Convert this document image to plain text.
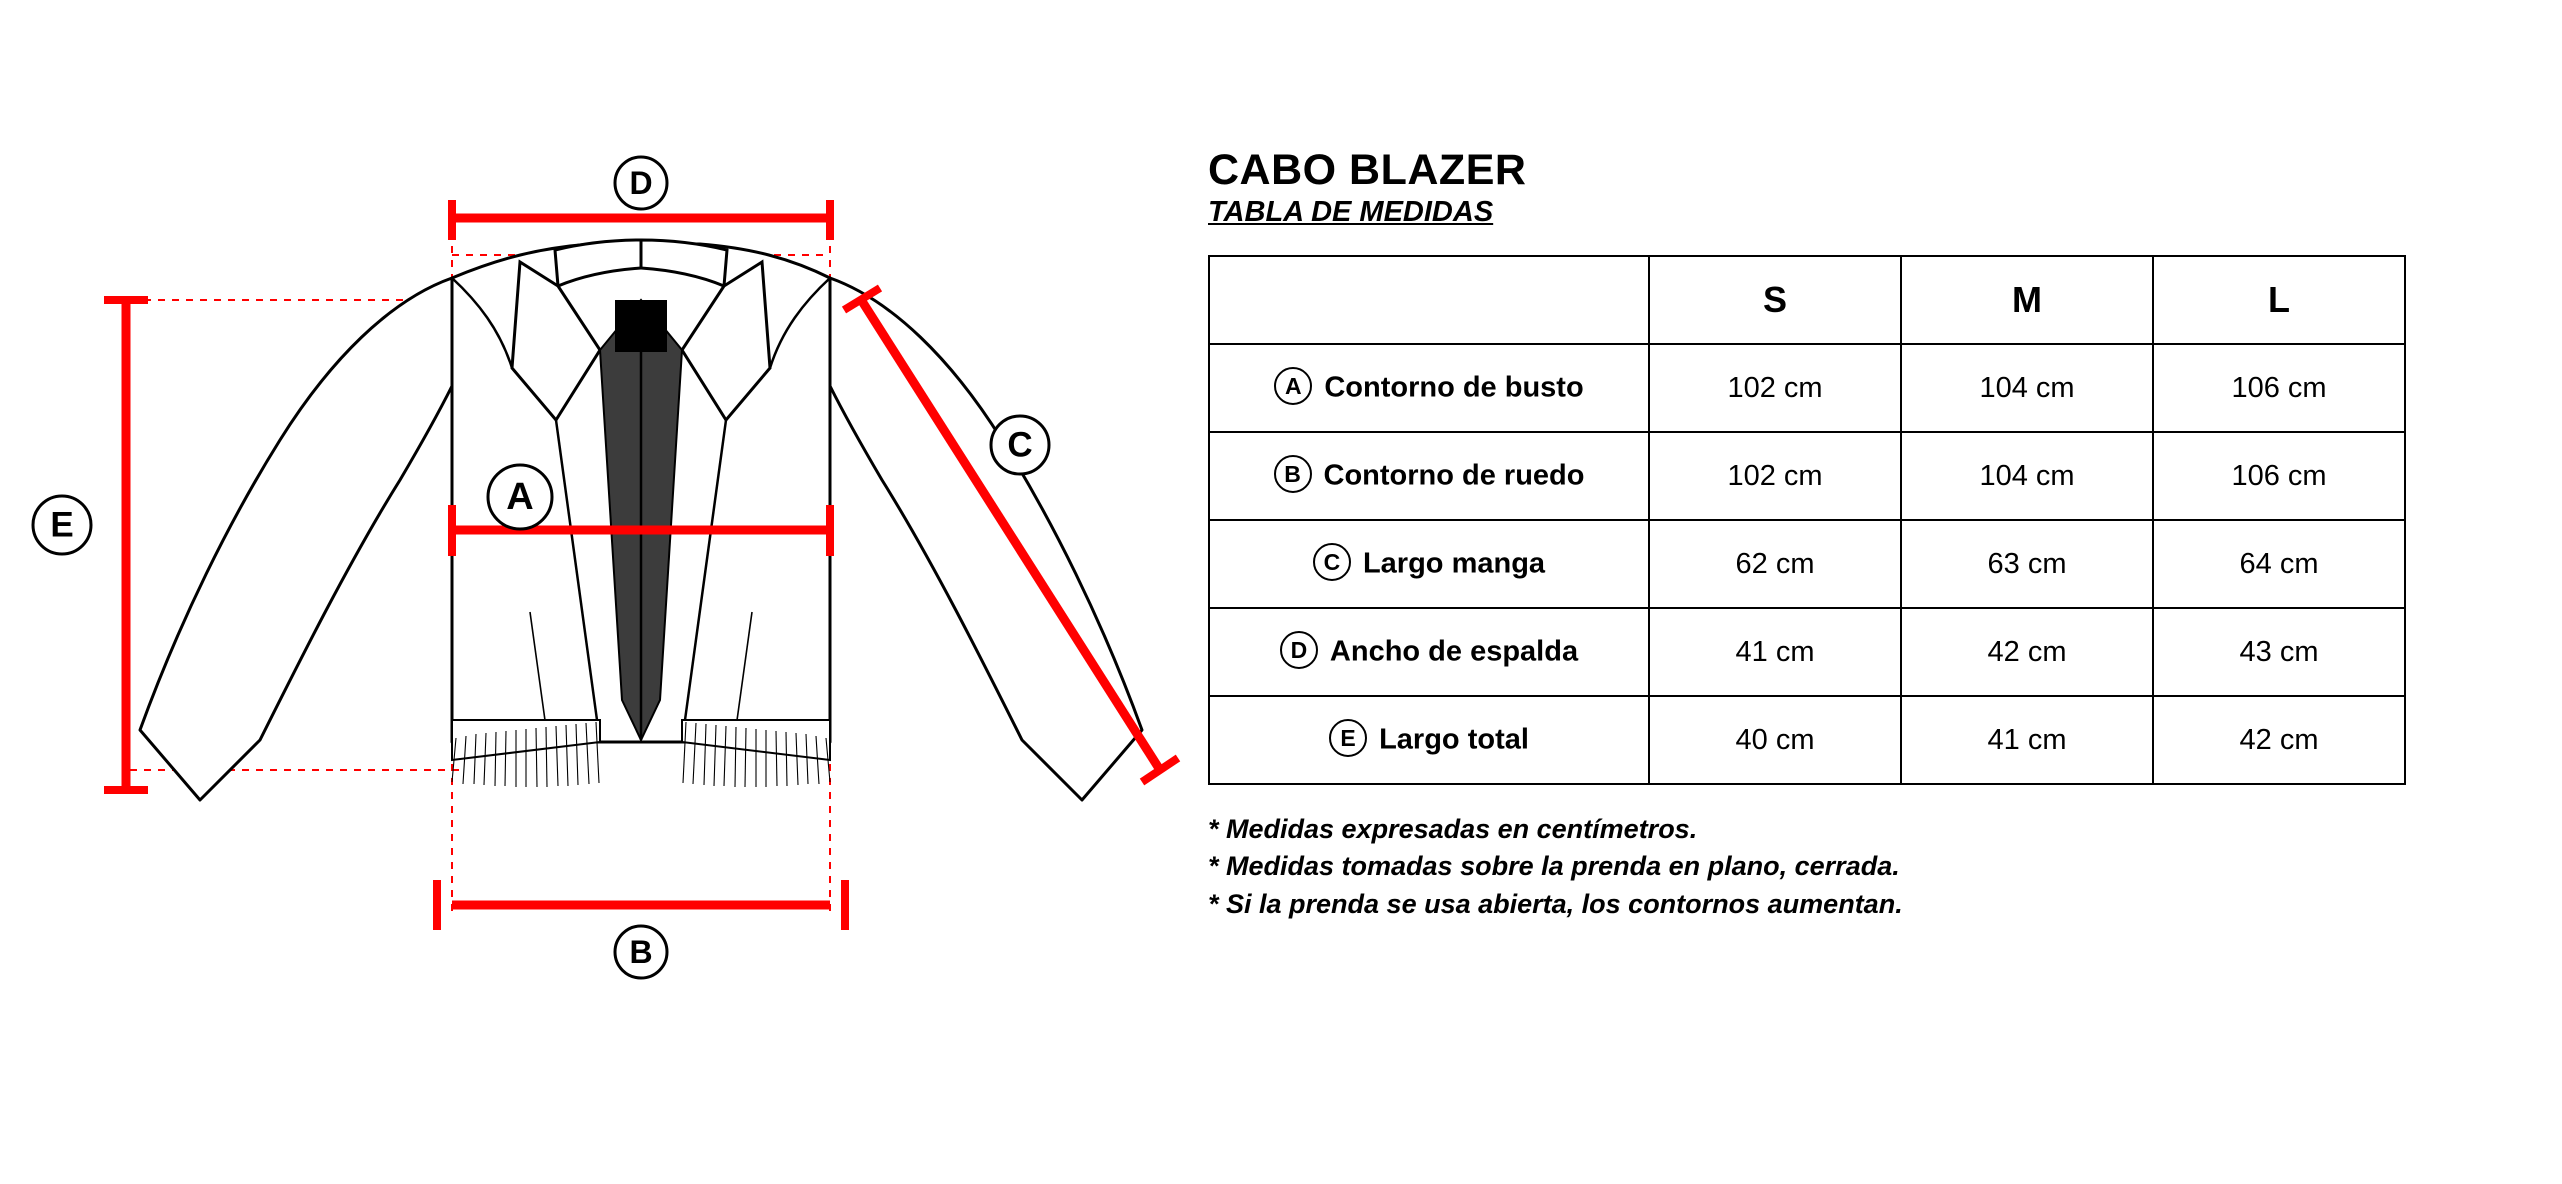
D
A
B
C
E
CABO BLAZER
TABLA DE MEDIDAS
	S	M	L
A Contorno de busto	102 cm	104 cm	106 cm
B Contorno de ruedo	102 cm	104 cm	106 cm
C Largo manga	62 cm	63 cm	64 cm
D Ancho de espalda	41 cm	42 cm	43 cm
E Largo total	40 cm	41 cm	42 cm
* Medidas expresadas en centímetros.
* Medidas tomadas sobre la prenda en plano, cerrada.
* Si la prenda se usa abierta, los contornos aumentan.
